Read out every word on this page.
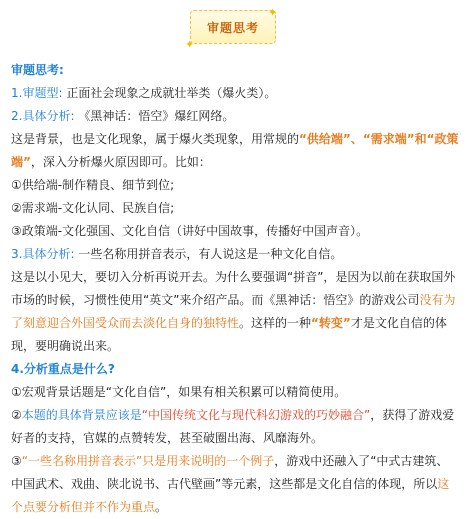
审题思考
✦
✦

审题思考:

1.审题型: 正面社会现象之成就壮举类（爆火类）。

2.具体分析: 《黑神话：悟空》爆红网络。

这是背景，也是文化现象，属于爆火类现象，用常规的“供给端”、“需求端”和“政策端”，深入分析爆火原因即可。比如：

①供给端-制作精良、细节到位;

②需求端-文化认同、民族自信;

③政策端-文化强国、文化自信（讲好中国故事，传播好中国声音）。

3.具体分析: 一些名称用拼音表示，有人说这是一种文化自信。

这是以小见大，要切入分析再说开去。为什么要强调“拼音”，是因为以前在获取国外市场的时候，习惯性使用“英文”来介绍产品。而《黑神话：悟空》的游戏公司没有为了刻意迎合外国受众而去淡化自身的独特性。这样的一种“转变”才是文化自信的体现，要明确说出来。

4.分析重点是什么?

①宏观背景话题是“文化自信”，如果有相关积累可以精简使用。

②本题的具体背景应该是“中国传统文化与现代科幻游戏的巧妙融合”，获得了游戏爱好者的支持，官媒的点赞转发，甚至破圈出海、风靡海外。

③“一些名称用拼音表示”只是用来说明的一个例子，游戏中还融入了“中式古建筑、中国武术、戏曲、陕北说书、古代壁画”等元素，这些都是文化自信的体现，所以这个点要分析但并不作为重点。
